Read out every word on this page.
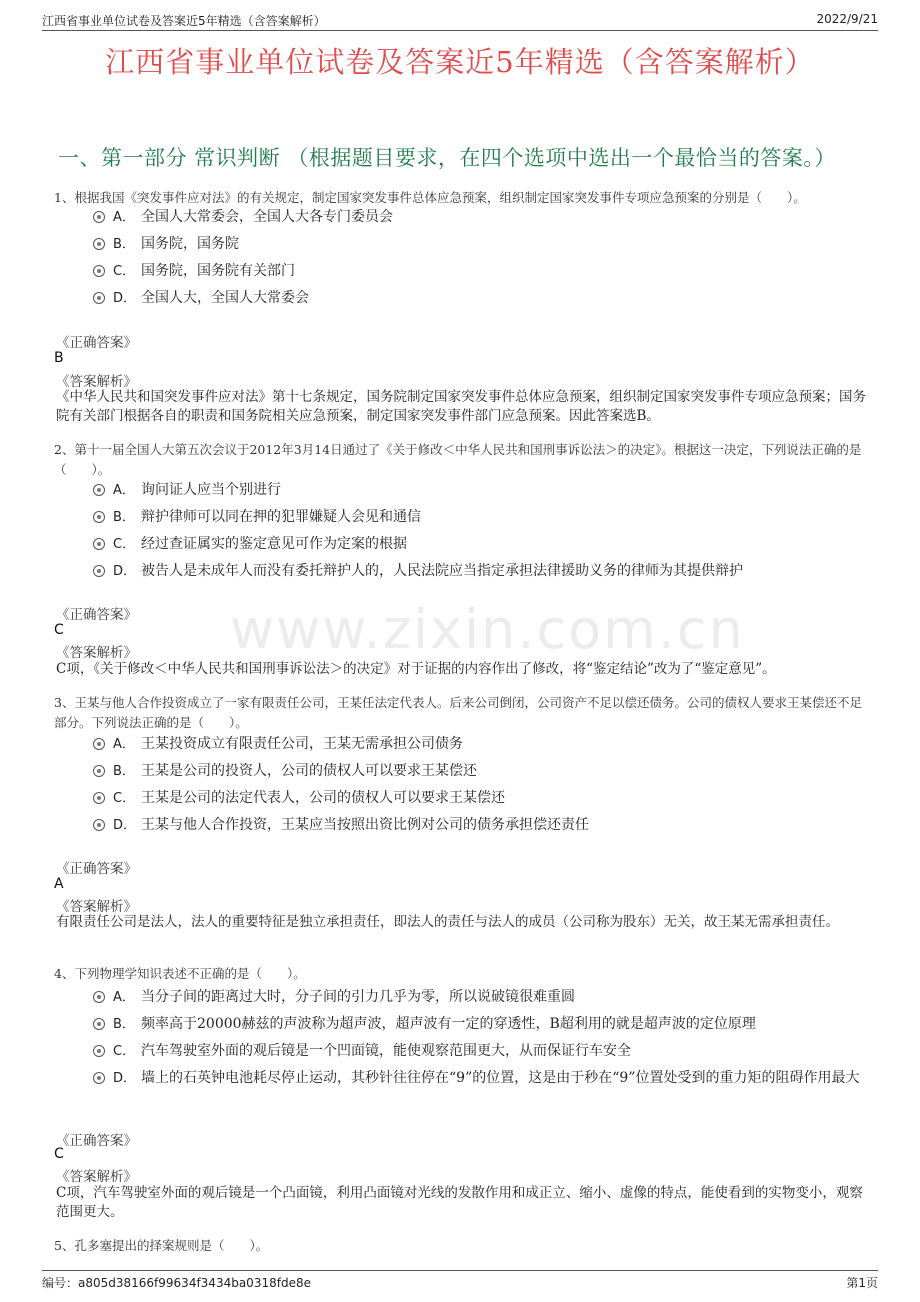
江西省事业单位试卷及答案近5年精选（含答案解析）	2022/9/21
江西省事业单位试卷及答案近5年精选（含答案解析）
一、第一部分 常识判断 （根据题目要求，在四个选项中选出一个最恰当的答案。）
www.zixin.com.cn
1、根据我国《突发事件应对法》的有关规定，制定国家突发事件总体应急预案，组织制定国家突发事件专项应急预案的分别是（　　）。
A． 全国人大常委会，全国人大各专门委员会
B． 国务院，国务院
C． 国务院，国务院有关部门
D． 全国人大，全国人大常委会
《正确答案》
B
《答案解析》
《中华人民共和国突发事件应对法》第十七条规定，国务院制定国家突发事件总体应急预案，组织制定国家突发事件专项应急预案；国务院有关部门根据各自的职责和国务院相关应急预案，制定国家突发事件部门应急预案。因此答案选B。
2、第十一届全国人大第五次会议于2012年3月14日通过了《关于修改＜中华人民共和国刑事诉讼法＞的决定》。根据这一决定，下列说法正确的是（　　）。
A． 询问证人应当个别进行
B． 辩护律师可以同在押的犯罪嫌疑人会见和通信
C． 经过查证属实的鉴定意见可作为定案的根据
D． 被告人是未成年人而没有委托辩护人的，人民法院应当指定承担法律援助义务的律师为其提供辩护
《正确答案》
C
《答案解析》
C项，《关于修改＜中华人民共和国刑事诉讼法＞的决定》对于证据的内容作出了修改，将“鉴定结论”改为了“鉴定意见”。
3、王某与他人合作投资成立了一家有限责任公司，王某任法定代表人。后来公司倒闭，公司资产不足以偿还债务。公司的债权人要求王某偿还不足部分。下列说法正确的是（　　）。
A． 王某投资成立有限责任公司，王某无需承担公司债务
B． 王某是公司的投资人，公司的债权人可以要求王某偿还
C． 王某是公司的法定代表人，公司的债权人可以要求王某偿还
D． 王某与他人合作投资，王某应当按照出资比例对公司的债务承担偿还责任
《正确答案》
A
《答案解析》
有限责任公司是法人，法人的重要特征是独立承担责任，即法人的责任与法人的成员（公司称为股东）无关，故王某无需承担责任。
4、下列物理学知识表述不正确的是（　　）。
A． 当分子间的距离过大时，分子间的引力几乎为零，所以说破镜很难重圆
B． 频率高于20000赫兹的声波称为超声波，超声波有一定的穿透性，B超利用的就是超声波的定位原理
C． 汽车驾驶室外面的观后镜是一个凹面镜，能使观察范围更大，从而保证行车安全
D． 墙上的石英钟电池耗尽停止运动，其秒针往往停在“9”的位置，这是由于秒在“9”位置处受到的重力矩的阻碍作用最大
《正确答案》
C
《答案解析》
C项，汽车驾驶室外面的观后镜是一个凸面镜，利用凸面镜对光线的发散作用和成正立、缩小、虚像的特点，能使看到的实物变小，观察范围更大。
5、孔多塞提出的择案规则是（　　）。
编号：a805d38166f99634f3434ba0318fde8e	第1页
